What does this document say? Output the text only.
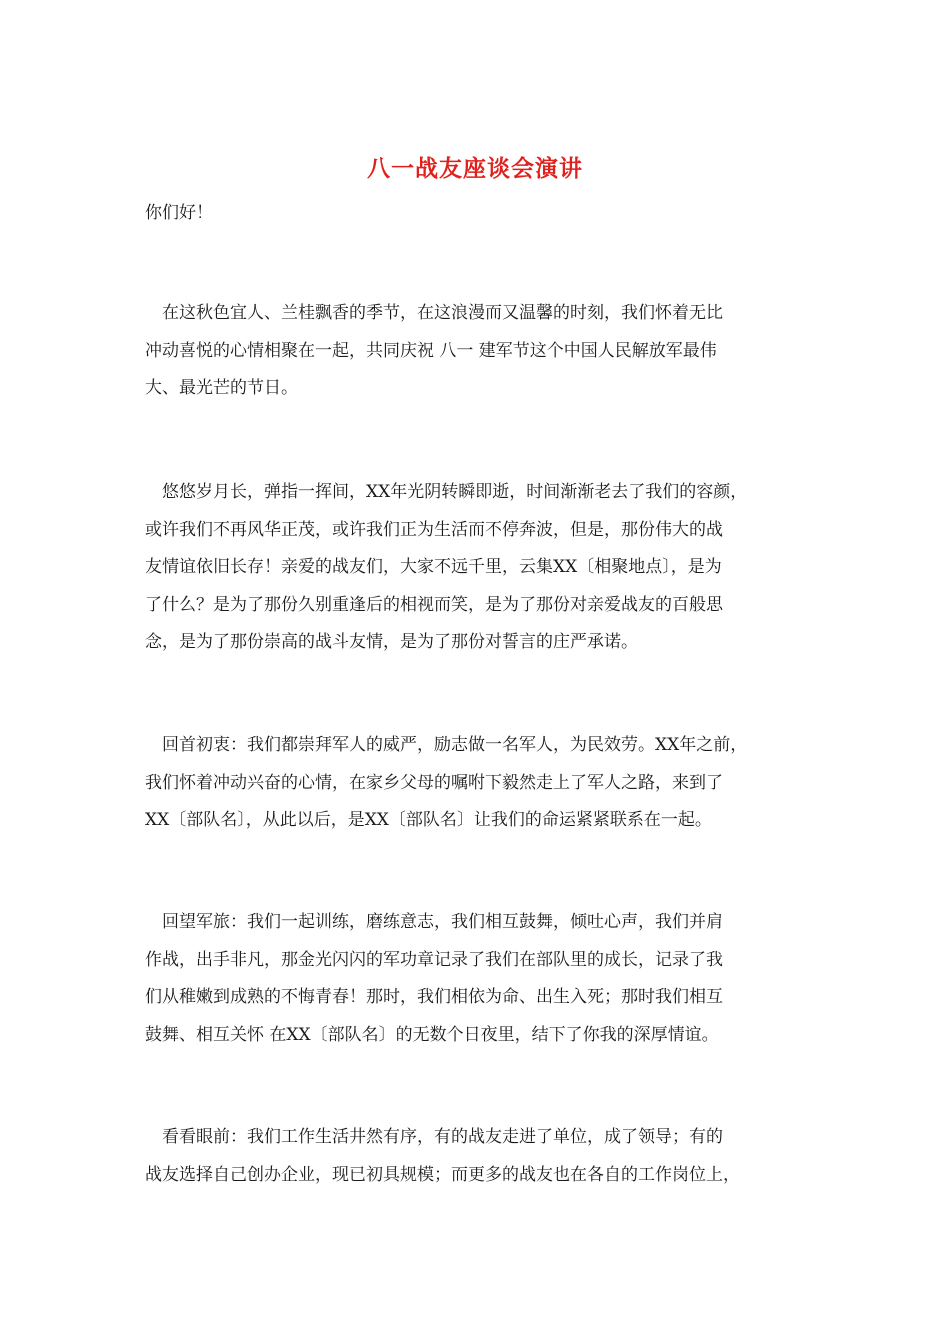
八一战友座谈会演讲
你们好！
　在这秋色宜人、兰桂飘香的季节，在这浪漫而又温馨的时刻，我们怀着无比
冲动喜悦的心情相聚在一起，共同庆祝 八一 建军节这个中国人民解放军最伟
大、最光芒的节日。
　悠悠岁月长，弹指一挥间，XX年光阴转瞬即逝，时间渐渐老去了我们的容颜，
或许我们不再风华正茂，或许我们正为生活而不停奔波，但是，那份伟大的战
友情谊依旧长存！亲爱的战友们，大家不远千里，云集XX〔相聚地点〕，是为
了什么？是为了那份久别重逢后的相视而笑，是为了那份对亲爱战友的百般思
念，是为了那份崇高的战斗友情，是为了那份对誓言的庄严承诺。
　回首初衷：我们都崇拜军人的威严，励志做一名军人，为民效劳。XX年之前，
我们怀着冲动兴奋的心情，在家乡父母的嘱咐下毅然走上了军人之路，来到了
XX〔部队名〕，从此以后，是XX〔部队名〕让我们的命运紧紧联系在一起。
　回望军旅：我们一起训练，磨练意志，我们相互鼓舞，倾吐心声，我们并肩
作战，出手非凡，那金光闪闪的军功章记录了我们在部队里的成长，记录了我
们从稚嫩到成熟的不悔青春！那时，我们相依为命、出生入死；那时我们相互
鼓舞、相互关怀 在XX〔部队名〕的无数个日夜里，结下了你我的深厚情谊。
　看看眼前：我们工作生活井然有序，有的战友走进了单位，成了领导；有的
战友选择自己创办企业，现已初具规模；而更多的战友也在各自的工作岗位上，
